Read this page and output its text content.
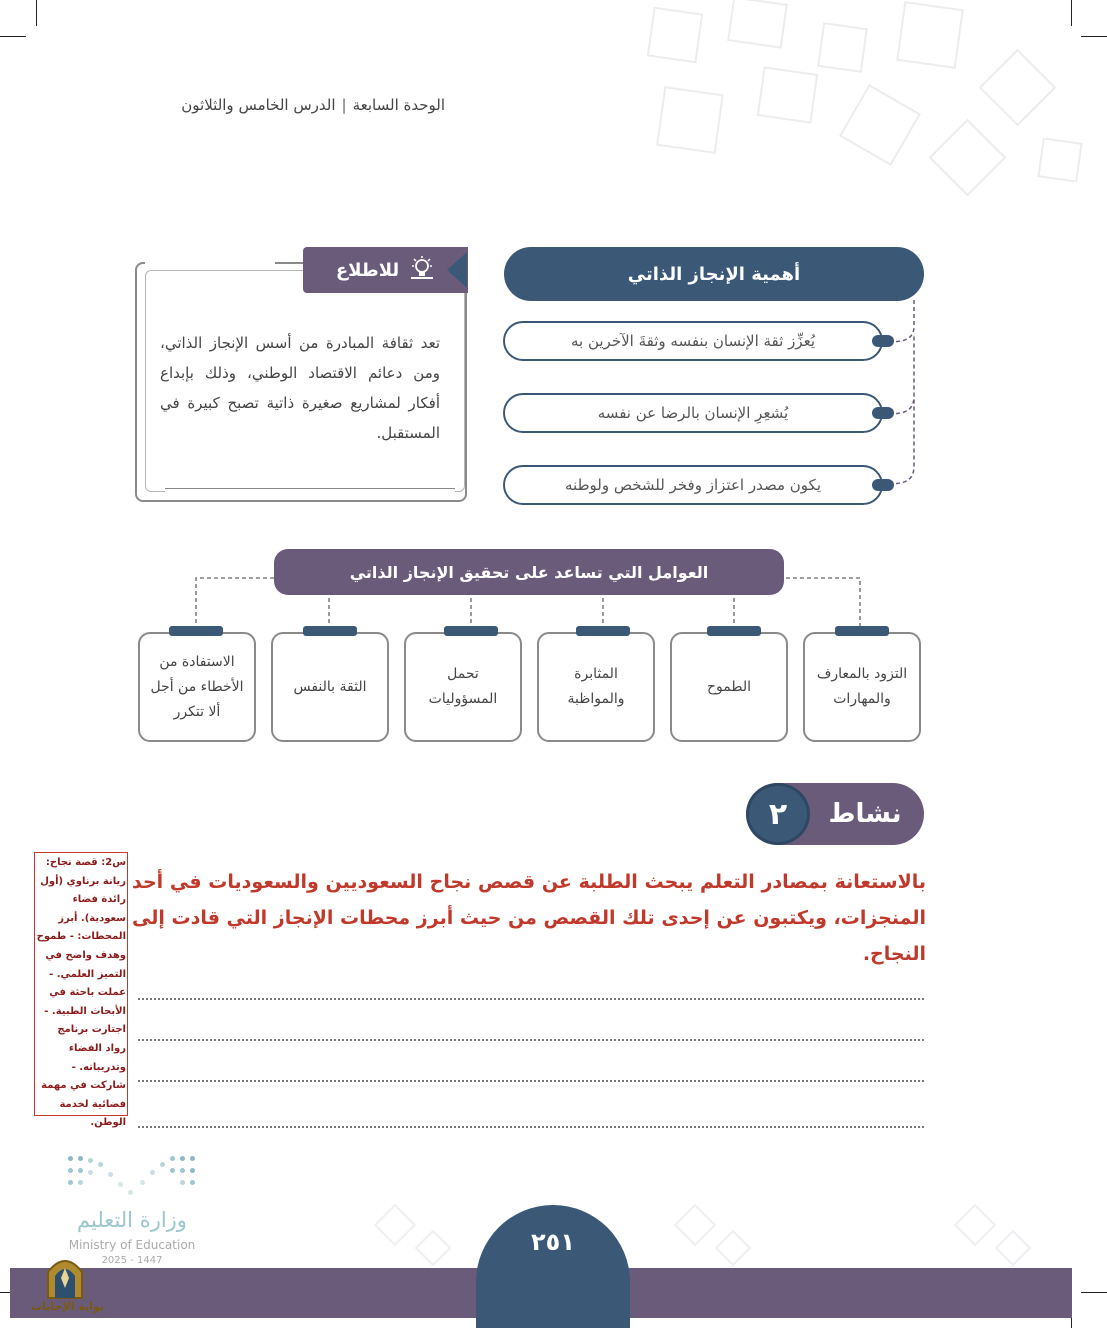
الوحدة السابعة|الدرس الخامس والثلاثون
أهمية الإنجاز الذاتي
يُعزِّز ثقة الإنسان بنفسه وثقةَ الآخرين به
يُشعِرِ الإنسان بالرضا عن نفسه
يكون مصدر اعتزاز وفخر للشخص ولوطنه
للاطلاع
تعد ثقافة المبادرة من أسس الإنجاز الذاتي، ومن دعائم الاقتصاد الوطني، وذلك بإبداع أفكار لمشاريع صغيرة ذاتية تصبح كبيرة في المستقبل.
العوامل التي تساعد على تحقيق الإنجاز الذاتي
التزود بالمعارف والمهارات
الطموح
المثابرة والمواظبة
تحمل المسؤوليات
الثقة بالنفس
الاستفادة من الأخطاء من أجل ألا تتكرر
نشاط
٢
بالاستعانة بمصادر التعلم يبحث الطلبة عن قصص نجاح السعوديين والسعوديات في أحد المنجزات، ويكتبون عن إحدى تلك القصص من حيث أبرز محطات الإنجاز التي قادت إلى النجاح.
س2: قصة نجاح: ريانة برناوي (أول رائدة فضاء سعودية). أبرز المحطات: - طموح وهدف واضح في التميز العلمي. - عملت باحثة في الأبحاث الطبية. - اجتازت برنامج رواد الفضاء وتدريباته. - شاركت في مهمة فضائية لخدمة الوطن.
وزارة التعليم
Ministry of Education
2025 - 1447
٢٥١
بوابة الإجابات
